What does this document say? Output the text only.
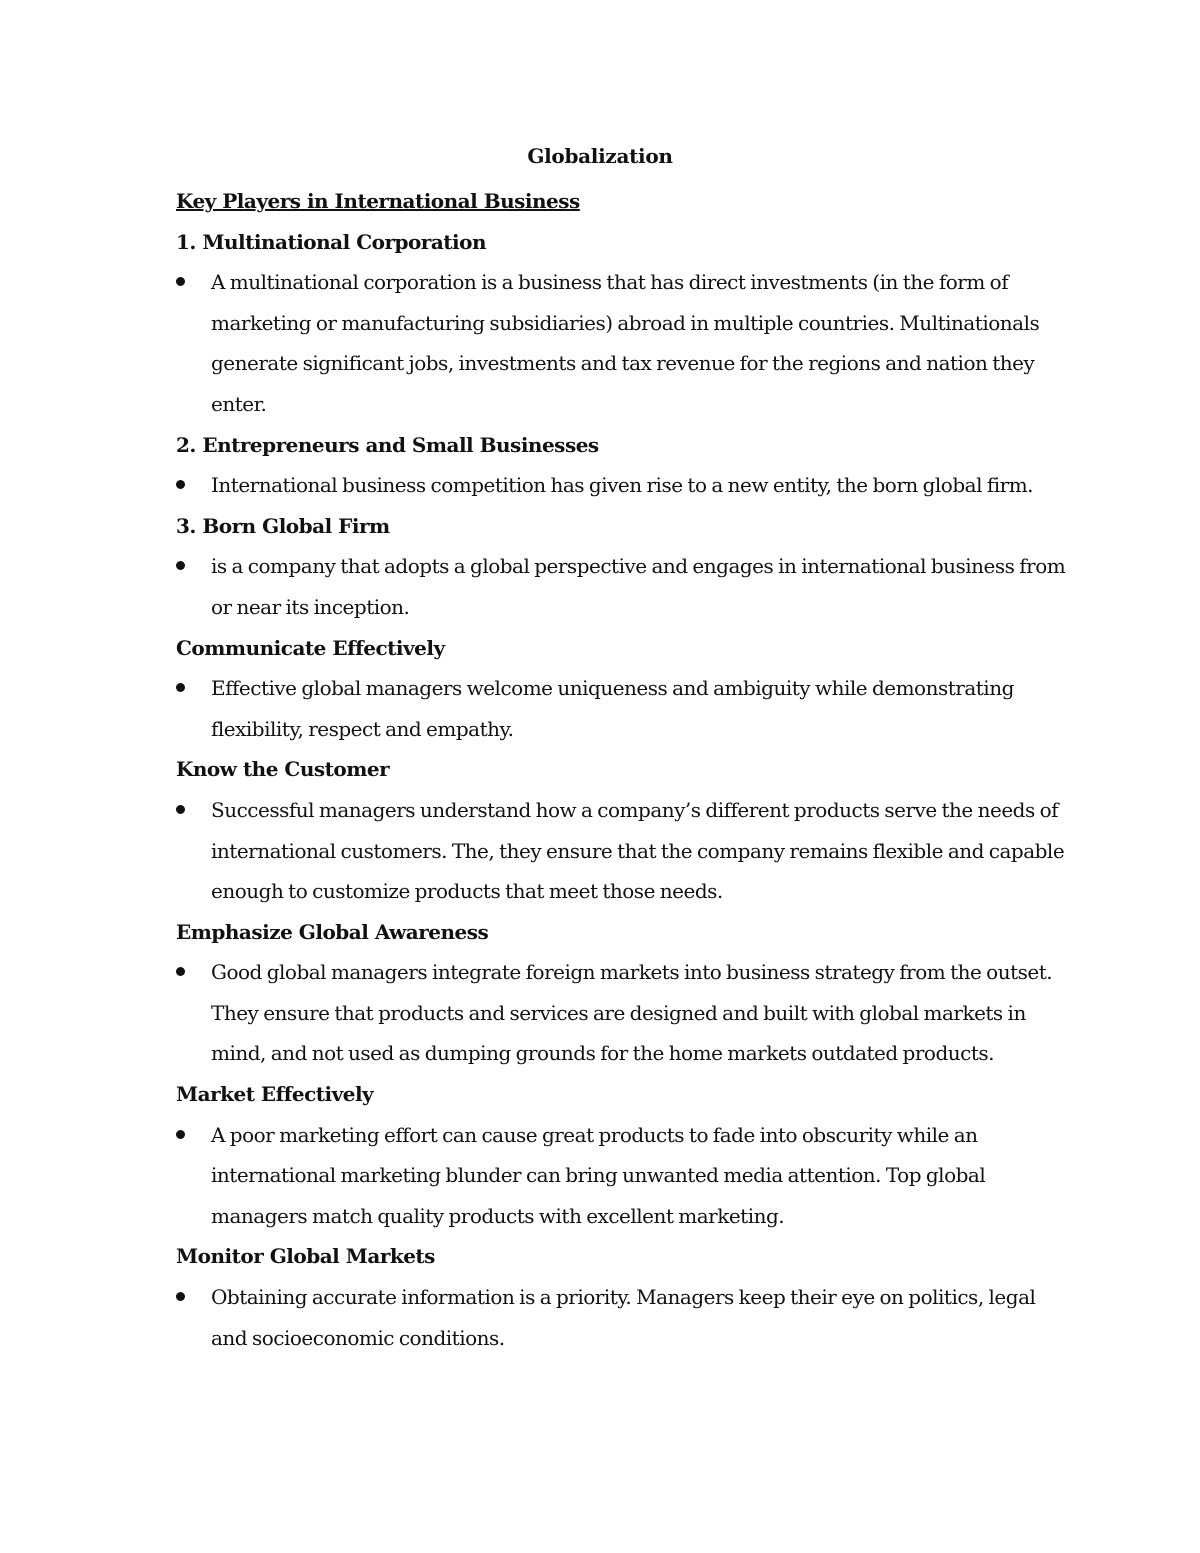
Globalization

Key Players in International Business

1. Multinational Corporation

A multinational corporation is a business that has direct investments (in the form of marketing or manufacturing subsidiaries) abroad in multiple countries. Multinationals generate significant jobs, investments and tax revenue for the regions and nation they enter.

2. Entrepreneurs and Small Businesses

International business competition has given rise to a new entity, the born global firm.

3. Born Global Firm

is a company that adopts a global perspective and engages in international business from or near its inception.

Communicate Effectively

Effective global managers welcome uniqueness and ambiguity while demonstrating flexibility, respect and empathy.

Know the Customer

Successful managers understand how a company’s different products serve the needs of international customers. The, they ensure that the company remains flexible and capable enough to customize products that meet those needs.

Emphasize Global Awareness

Good global managers integrate foreign markets into business strategy from the outset. They ensure that products and services are designed and built with global markets in mind, and not used as dumping grounds for the home markets outdated products.

Market Effectively

A poor marketing effort can cause great products to fade into obscurity while an international marketing blunder can bring unwanted media attention. Top global managers match quality products with excellent marketing.

Monitor Global Markets

Obtaining accurate information is a priority. Managers keep their eye on politics, legal and socioeconomic conditions.
